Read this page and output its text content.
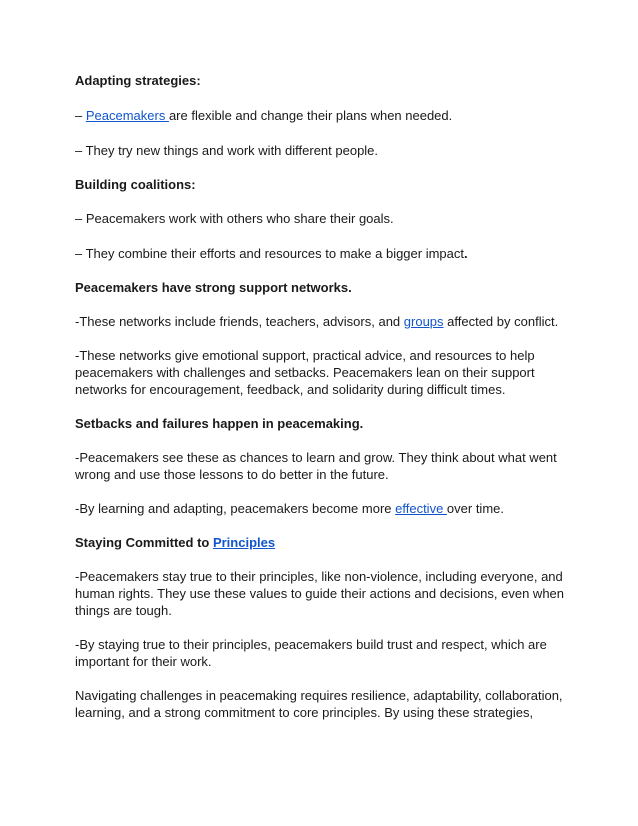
Adapting strategies:

– Peacemakers are flexible and change their plans when needed.

– They try new things and work with different people.

Building coalitions:

– Peacemakers work with others who share their goals.

– They combine their efforts and resources to make a bigger impact.

Peacemakers have strong support networks.

-These networks include friends, teachers, advisors, and groups affected by conflict.

-These networks give emotional support, practical advice, and resources to help peacemakers with challenges and setbacks. Peacemakers lean on their support networks for encouragement, feedback, and solidarity during difficult times.

Setbacks and failures happen in peacemaking.

-Peacemakers see these as chances to learn and grow. They think about what went wrong and use those lessons to do better in the future.

-By learning and adapting, peacemakers become more effective over time.

Staying Committed to Principles

-Peacemakers stay true to their principles, like non-violence, including everyone, and human rights. They use these values to guide their actions and decisions, even when things are tough.

-By staying true to their principles, peacemakers build trust and respect, which are important for their work.

Navigating challenges in peacemaking requires resilience, adaptability, collaboration, learning, and a strong commitment to core principles. By using these strategies,
